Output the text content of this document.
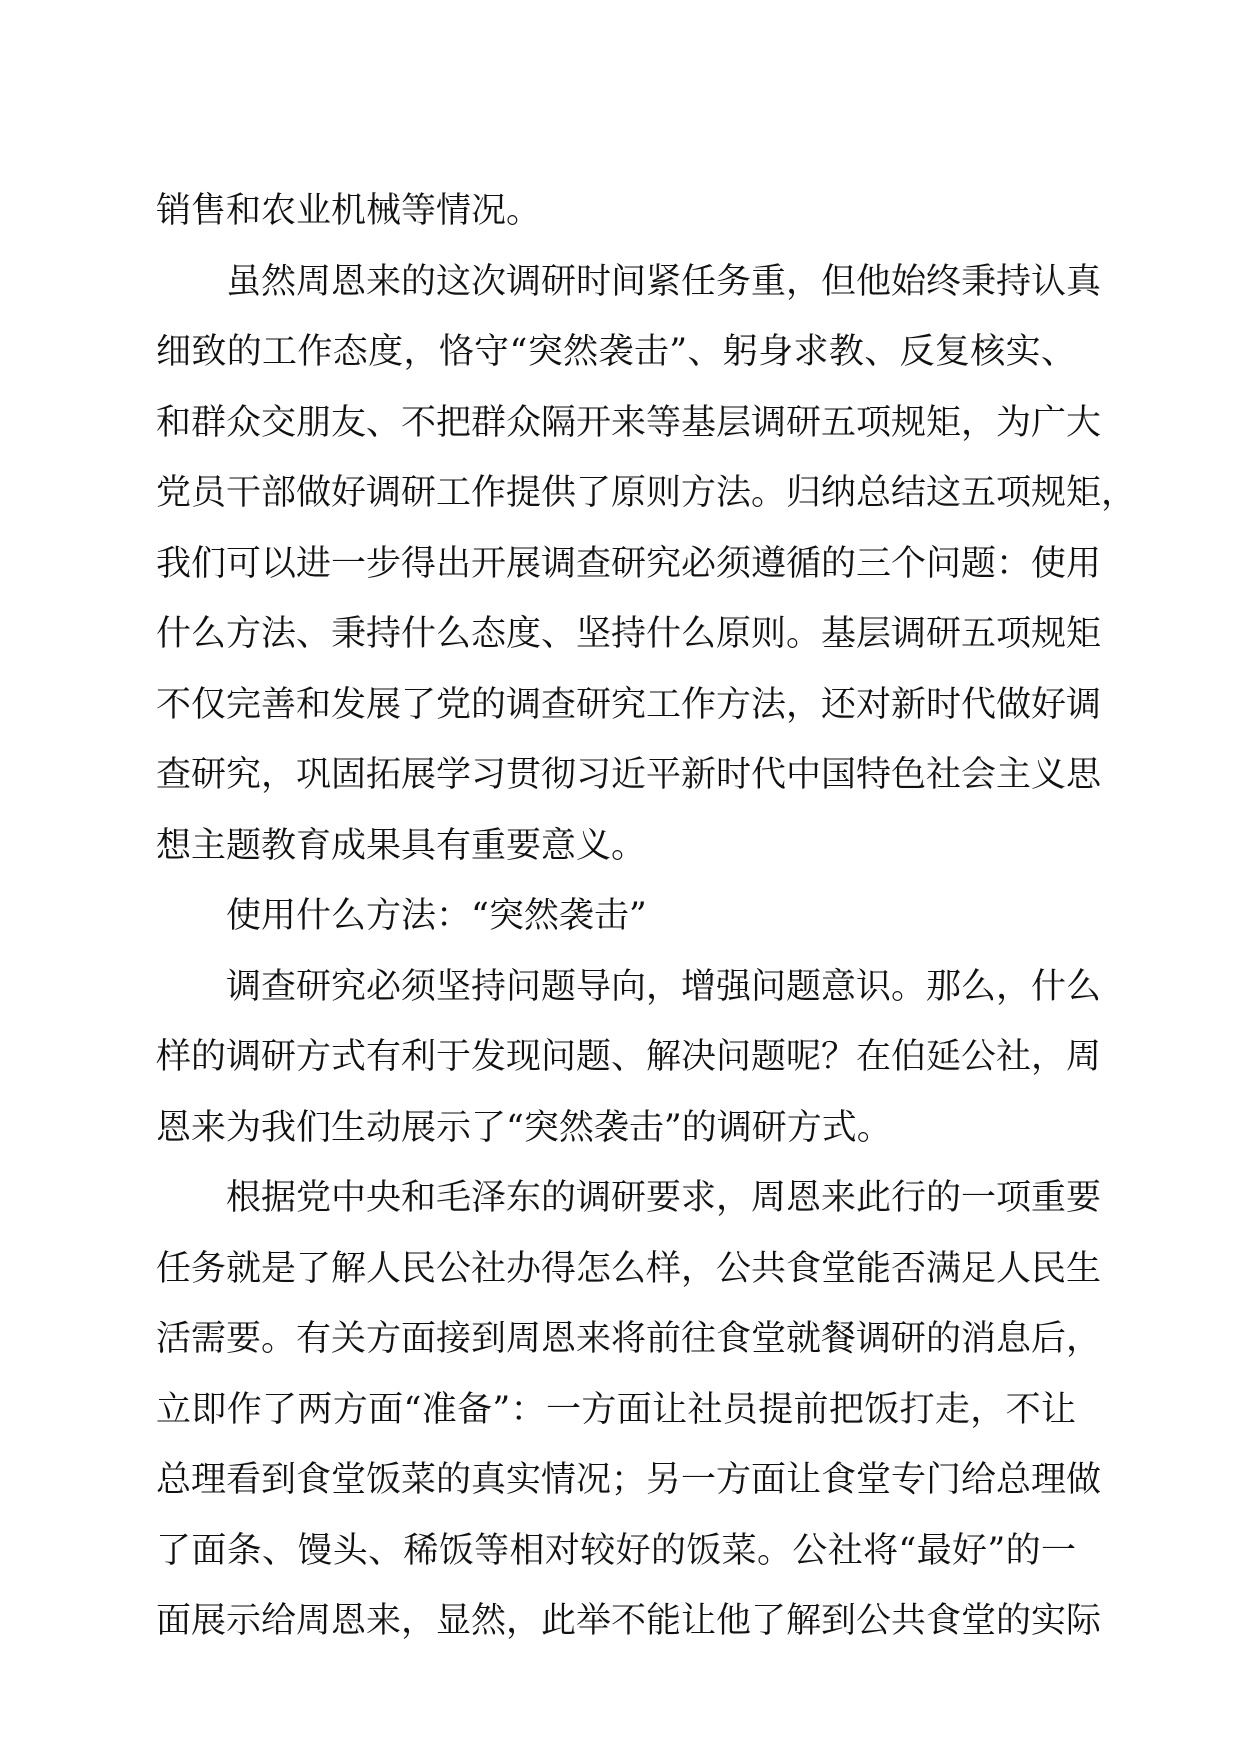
销售和农业机械等情况。
虽然周恩来的这次调研时间紧任务重，但他始终秉持认真
细致的工作态度，恪守“突然袭击”、躬身求教、反复核实、
和群众交朋友、不把群众隔开来等基层调研五项规矩，为广大
党员干部做好调研工作提供了原则方法。归纳总结这五项规矩，
我们可以进一步得出开展调查研究必须遵循的三个问题：使用
什么方法、秉持什么态度、坚持什么原则。基层调研五项规矩
不仅完善和发展了党的调查研究工作方法，还对新时代做好调
查研究，巩固拓展学习贯彻习近平新时代中国特色社会主义思
想主题教育成果具有重要意义。
使用什么方法：“突然袭击”
调查研究必须坚持问题导向，增强问题意识。那么，什么
样的调研方式有利于发现问题、解决问题呢？在伯延公社，周
恩来为我们生动展示了“突然袭击”的调研方式。
根据党中央和毛泽东的调研要求，周恩来此行的一项重要
任务就是了解人民公社办得怎么样，公共食堂能否满足人民生
活需要。有关方面接到周恩来将前往食堂就餐调研的消息后，
立即作了两方面“准备”：一方面让社员提前把饭打走，不让
总理看到食堂饭菜的真实情况；另一方面让食堂专门给总理做
了面条、馒头、稀饭等相对较好的饭菜。公社将“最好”的一
面展示给周恩来，显然，此举不能让他了解到公共食堂的实际
